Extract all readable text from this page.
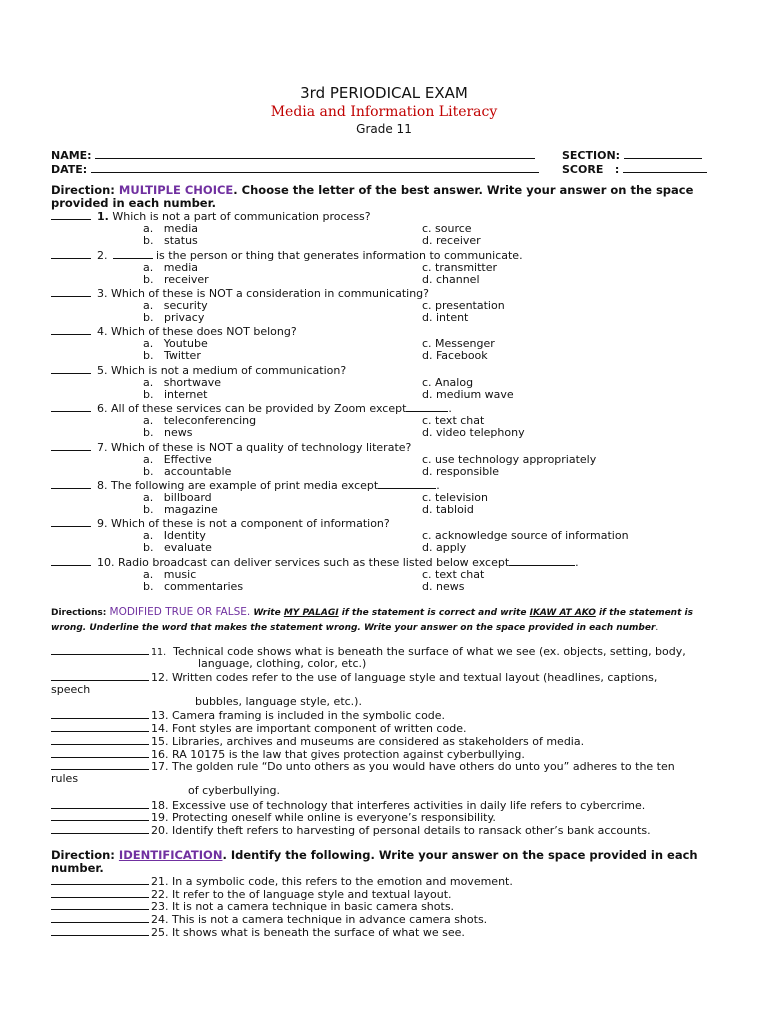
3rd PERIODICAL EXAM
Media and Information Literacy
Grade 11
NAME:
DATE:
SECTION:
SCORE   :
Direction: MULTIPLE CHOICE. Choose the letter of the best answer. Write your answer on the space provided in each number.
1. Which is not a part of communication process?
a.   media
b.   status
c. source
d. receiver
2.	is the person or thing that generates information to communicate.
a.   media
b.   receiver
c. transmitter
d. channel
3. Which of these is NOT a consideration in communicating?
a.   security
b.   privacy
c. presentation
d. intent
4. Which of these does NOT belong?
a.   Youtube
b.   Twitter
c. Messenger
d. Facebook
5. Which is not a medium of communication?
a.   shortwave
b.   internet
c. Analog
d. medium wave
6. All of these services can be provided by Zoom except	.
a.   teleconferencing
b.   news
c. text chat
d. video telephony
7. Which of these is NOT a quality of technology literate?
a.   Effective
b.   accountable
c. use technology appropriately
d. responsible
8. The following are example of print media except	.
a.   billboard
b.   magazine
c. television
d. tabloid
9. Which of these is not a component of information?
a.   Identity
b.   evaluate
c. acknowledge source of information
d. apply
10. Radio broadcast can deliver services such as these listed below except	.
a.   music
b.   commentaries
c. text chat
d. news
Directions: MODIFIED TRUE OR FALSE. Write MY PALAGI if the statement is correct and write IKAW AT AKO if the statement is wrong. Underline the word that makes the statement wrong. Write your answer on the space provided in each number.
11.  Technical code shows what is beneath the surface of what we see (ex. objects, setting, body,
language, clothing, color, etc.)
12. Written codes refer to the use of language style and textual layout (headlines, captions,
speech
bubbles, language style, etc.).
13. Camera framing is included in the symbolic code.
14. Font styles are important component of written code.
15. Libraries, archives and museums are considered as stakeholders of media.
16. RA 10175 is the law that gives protection against cyberbullying.
17. The golden rule “Do unto others as you would have others do unto you” adheres to the ten
rules
of cyberbullying.
18. Excessive use of technology that interferes activities in daily life refers to cybercrime.
19. Protecting oneself while online is everyone’s responsibility.
20. Identify theft refers to harvesting of personal details to ransack other’s bank accounts.
Direction: IDENTIFICATION. Identify the following. Write your answer on the space provided in each number.
21. In a symbolic code, this refers to the emotion and movement.
22. It refer to the of language style and textual layout.
23. It is not a camera technique in basic camera shots.
24. This is not a camera technique in advance camera shots.
25. It shows what is beneath the surface of what we see.
